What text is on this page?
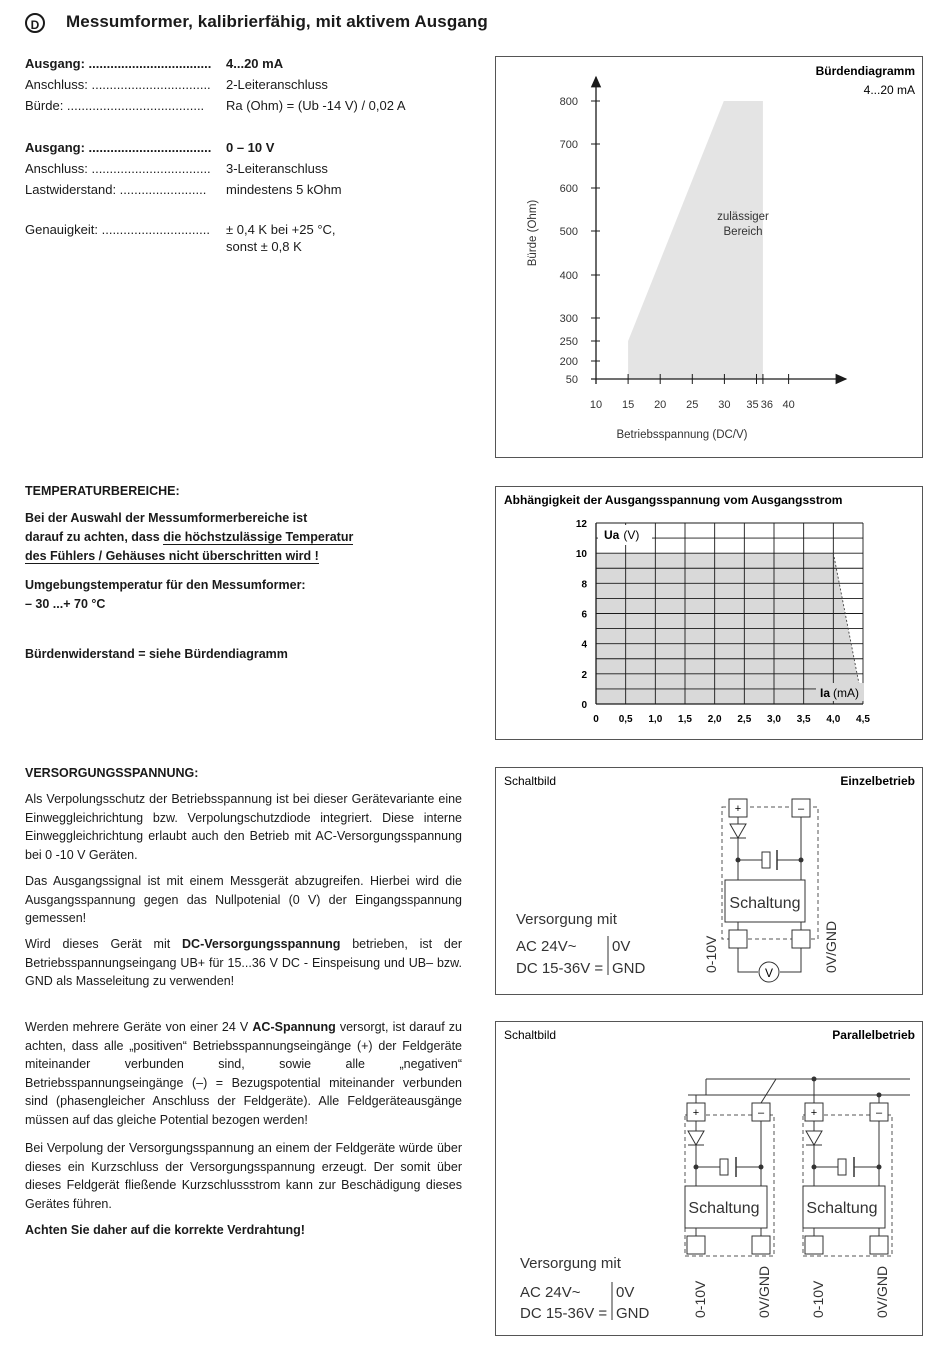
D	Messumformer, kalibrierfähig, mit aktivem Ausgang
Ausgang: .................................. 4...20 mA
Anschluss: ................................. 2-Leiteranschluss
Bürde: ...................................... Ra (Ohm) = (Ub -14 V) / 0,02 A
Ausgang: .................................. 0 – 10 V
Anschluss: ................................. 3-Leiteranschluss
Lastwiderstand: ........................ mindestens 5 kOhm
Genauigkeit: .............................. ± 0,4 K bei +25 °C,
sonst ± 0,8 K
Bürdendiagramm
4...20 mA
50
200
250
300
400
500
600
700
800
10 15 20 25 30 35 36 40
zulässiger
Bereich
Betriebsspannung (DC/V)
Bürde (Ohm)
TEMPERATURBEREICHE:
Bei der Auswahl der Messumformerbereiche ist
darauf zu achten, dass die höchstzulässige Temperatur
des Fühlers / Gehäuses nicht überschritten wird !
Umgebungstemperatur für den Messumformer:
– 30 ...+ 70 °C
Bürdenwiderstand = siehe Bürdendiagramm
Abhängigkeit der Ausgangsspannung vom Ausgangsstrom
0
2
4
6
8
10
12
0 0,5 1,0 1,5 2,0 2,5 3,0 3,5 4,0 4,5
Ua (V)
Ia (mA)
VERSORGUNGSSPANNUNG:
Als Verpolungsschutz der Betriebsspannung ist bei dieser Gerätevariante eine Einweggleichrichtung bzw. Verpolungschutzdiode integriert. Diese interne Einweggleichrichtung erlaubt auch den Betrieb mit AC-Versorgungsspannung bei 0 -10 V Geräten.
Das Ausgangssignal ist mit einem Messgerät abzugreifen. Hierbei wird die Ausgangsspannung gegen das Nullpotenial (0 V) der Eingangsspannung gemessen!
Wird dieses Gerät mit DC-Versorgungsspannung betrieben, ist der Betriebsspannungseingang UB+ für 15...36 V DC - Einspeisung und UB– bzw. GND als Masseleitung zu verwenden!
Werden mehrere Geräte von einer 24 V AC-Spannung versorgt, ist darauf zu achten, dass alle „positiven“ Betriebsspannungseingänge (+) der Feldgeräte miteinander verbunden sind, sowie alle „negativen“ Betriebsspannungseingänge (–) = Bezugspotential miteinander verbunden sind (phasengleicher Anschluss der Feldgeräte). Alle Feldgeräteausgänge müssen auf das gleiche Potential bezogen werden!
Bei Verpolung der Versorgungsspannung an einem der Feldgeräte würde über dieses ein Kurzschluss der Versorgungsspannung erzeugt. Der somit über dieses Feldgerät fließende Kurzschlussstrom kann zur Beschädigung dieses Gerätes führen.
Achten Sie daher auf die korrekte Verdrahtung!
Schaltbild	Einzelbetrieb
+	–
Schaltung
V
0-10V	0V/GND
Versorgung mit
AC 24V~
DC 15-36V =
0V
GND
Schaltbild	Parallelbetrieb
+	–
Schaltung
0-10V	0V/GND
+	–
Schaltung
0-10V	0V/GND
Versorgung mit
AC 24V~
DC 15-36V =
0V
GND
